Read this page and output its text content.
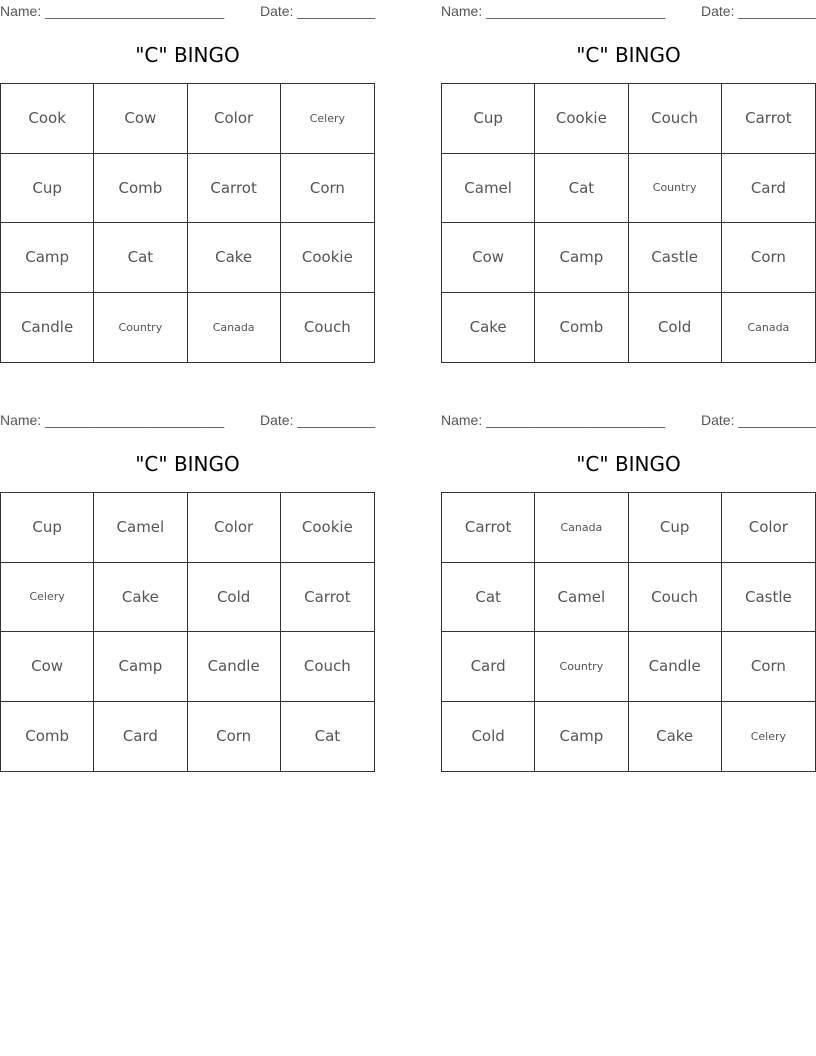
Name: _______________________	Date: __________
"C" BINGO
Cook	Cow	Color	Celery
Cup	Comb	Carrot	Corn
Camp	Cat	Cake	Cookie
Candle	Country	Canada	Couch
Name: _______________________	Date: __________
"C" BINGO
Cup	Cookie	Couch	Carrot
Camel	Cat	Country	Card
Cow	Camp	Castle	Corn
Cake	Comb	Cold	Canada
Name: _______________________	Date: __________
"C" BINGO
Cup	Camel	Color	Cookie
Celery	Cake	Cold	Carrot
Cow	Camp	Candle	Couch
Comb	Card	Corn	Cat
Name: _______________________	Date: __________
"C" BINGO
Carrot	Canada	Cup	Color
Cat	Camel	Couch	Castle
Card	Country	Candle	Corn
Cold	Camp	Cake	Celery
